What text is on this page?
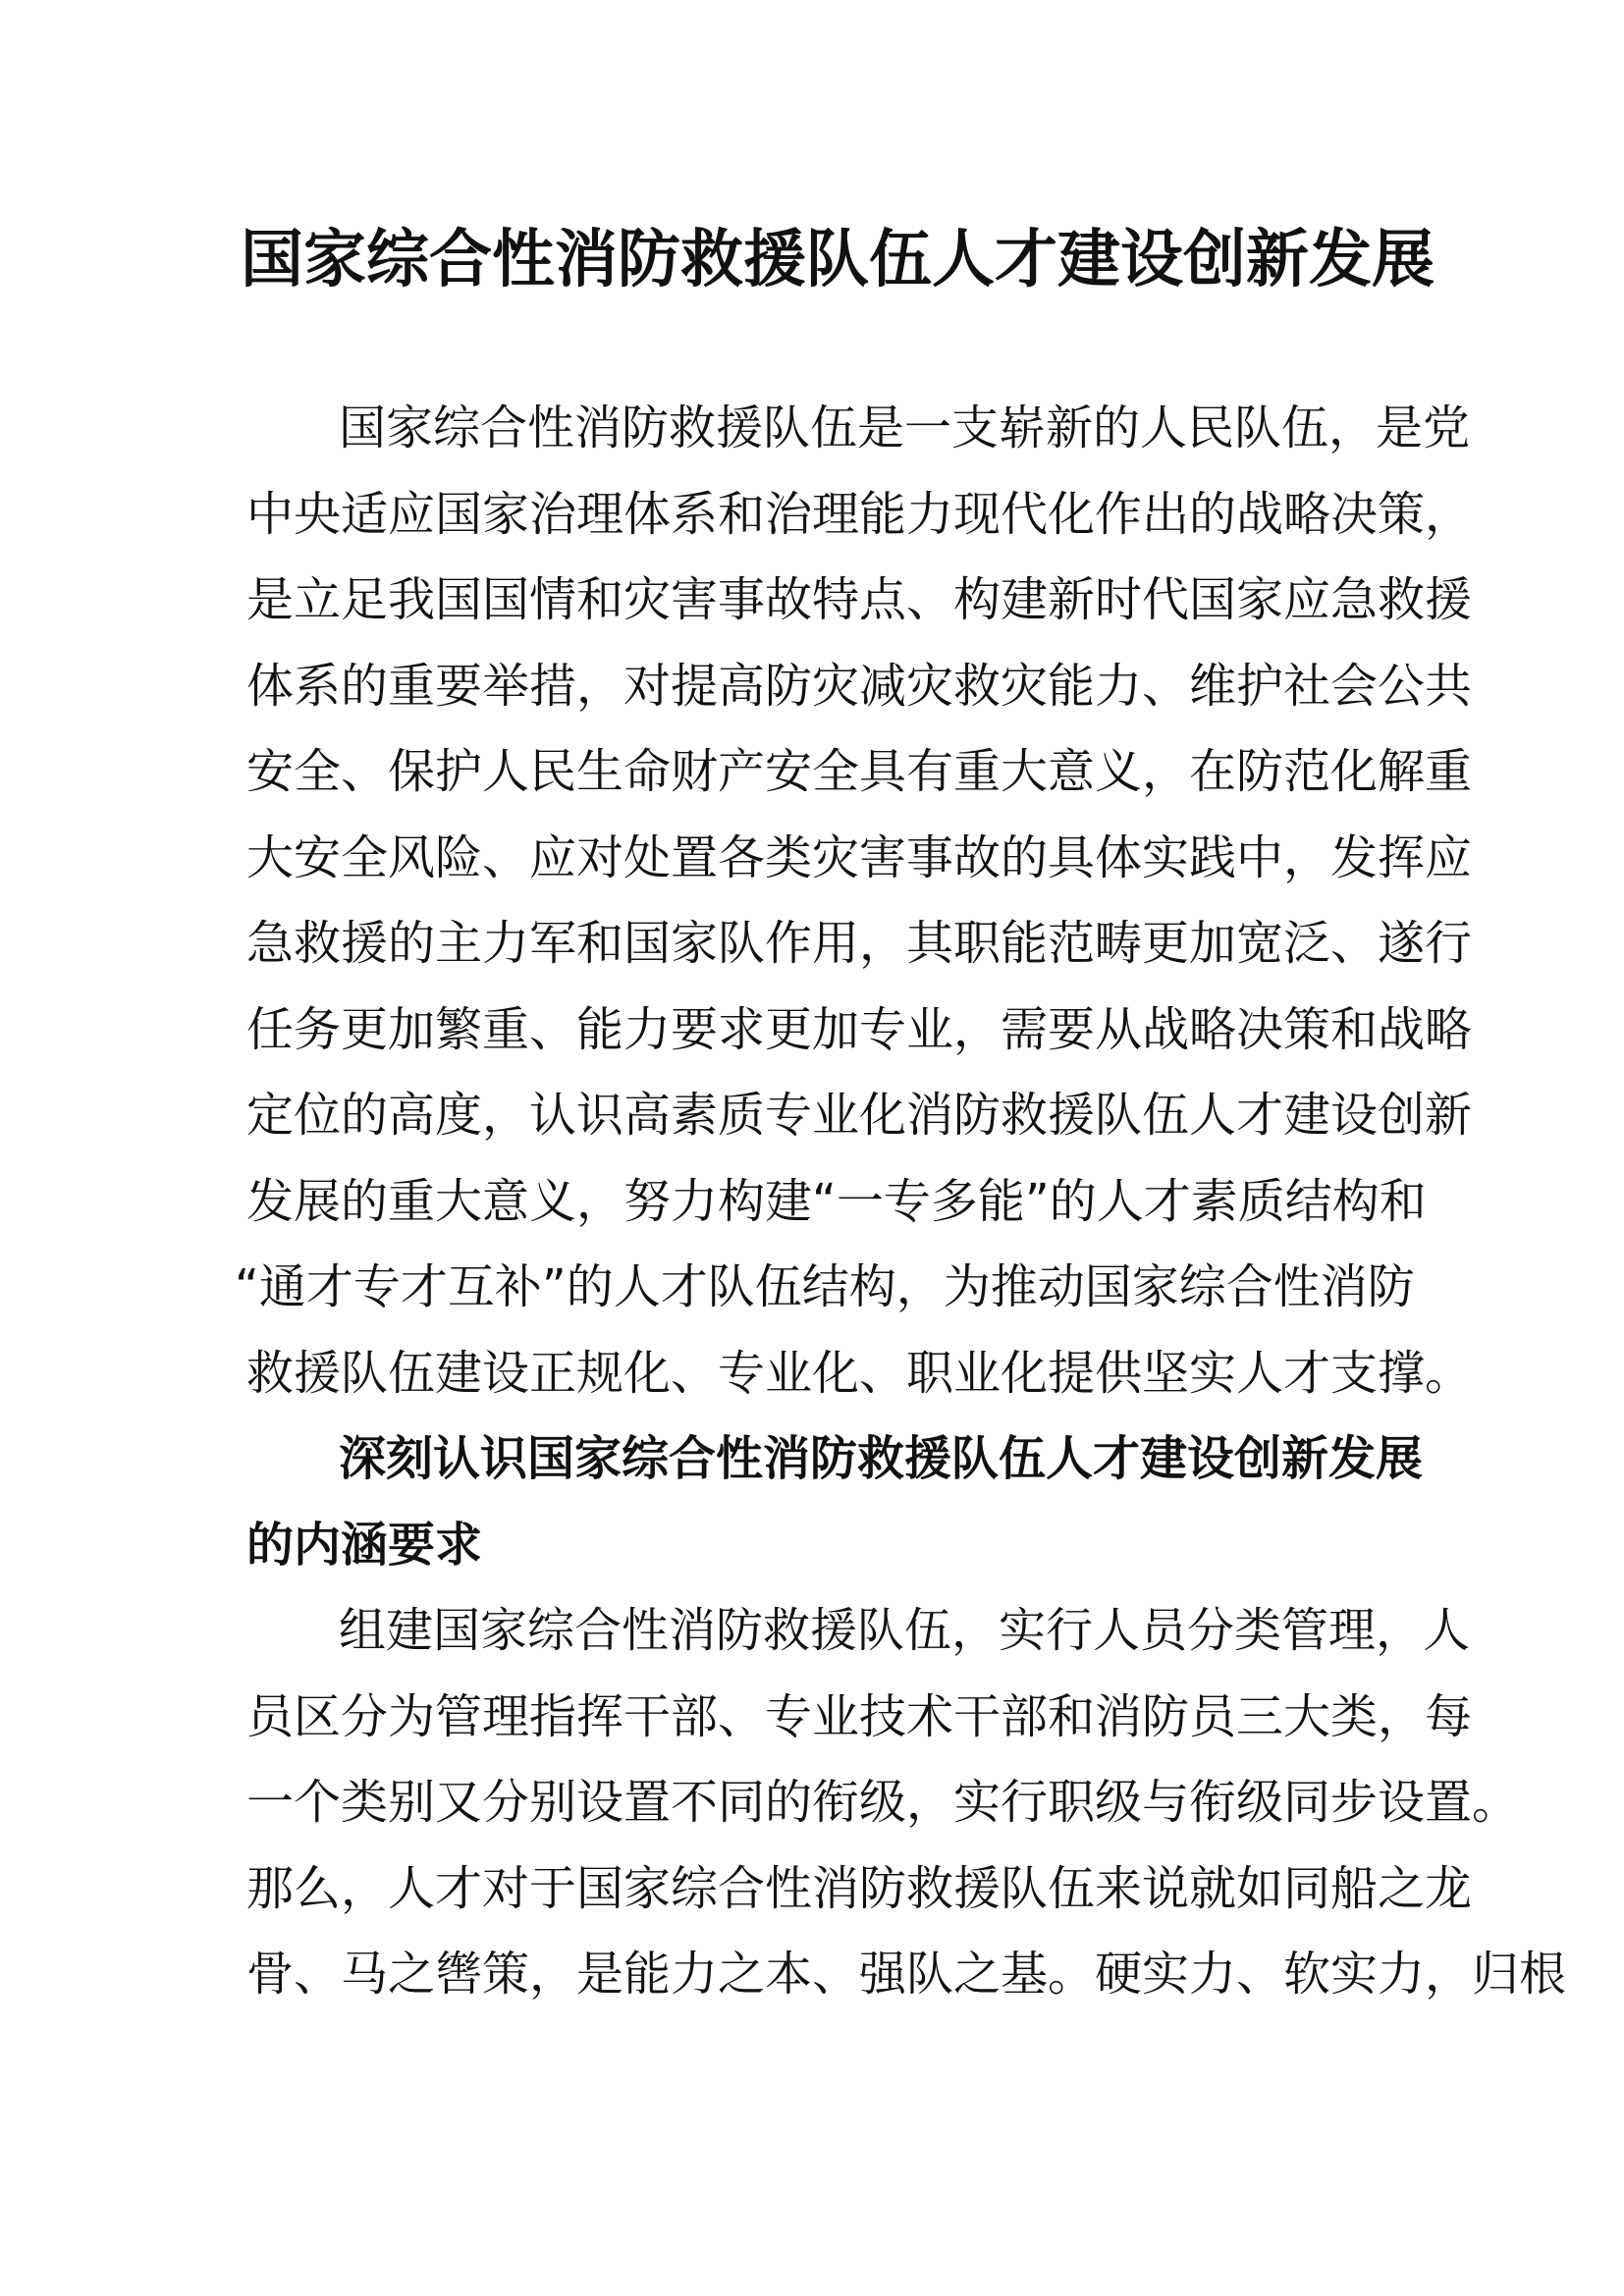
国家综合性消防救援队伍人才建设创新发展
国家综合性消防救援队伍是一支崭新的人民队伍，是党
中央适应国家治理体系和治理能力现代化作出的战略决策，
是立足我国国情和灾害事故特点、构建新时代国家应急救援
体系的重要举措，对提高防灾减灾救灾能力、维护社会公共
安全、保护人民生命财产安全具有重大意义，在防范化解重
大安全风险、应对处置各类灾害事故的具体实践中，发挥应
急救援的主力军和国家队作用，其职能范畴更加宽泛、遂行
任务更加繁重、能力要求更加专业，需要从战略决策和战略
定位的高度，认识高素质专业化消防救援队伍人才建设创新
发展的重大意义，努力构建“一专多能”的人才素质结构和
“通才专才互补”的人才队伍结构，为推动国家综合性消防
救援队伍建设正规化、专业化、职业化提供坚实人才支撑。
深刻认识国家综合性消防救援队伍人才建设创新发展
的内涵要求
组建国家综合性消防救援队伍，实行人员分类管理，人
员区分为管理指挥干部、专业技术干部和消防员三大类，每
一个类别又分别设置不同的衔级，实行职级与衔级同步设置。
那么，人才对于国家综合性消防救援队伍来说就如同船之龙
骨、马之辔策，是能力之本、强队之基。硬实力、软实力，归根
